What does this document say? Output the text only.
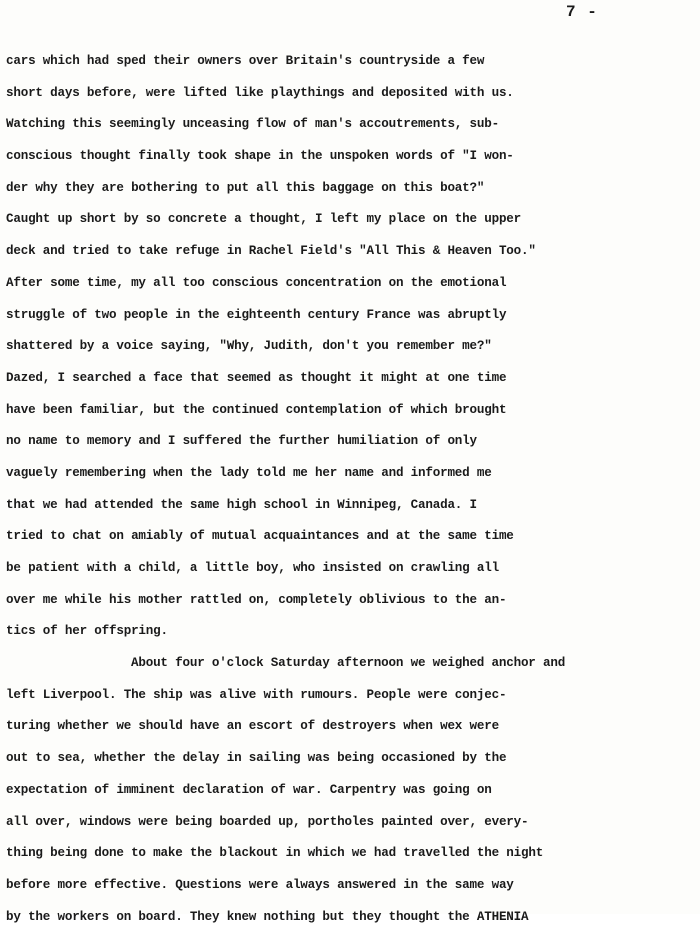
7 -
cars which had sped their owners over Britain's countryside a few
short days before, were lifted like playthings and deposited with us.
Watching this seemingly unceasing flow of man's accoutrements, sub-
conscious thought finally took shape in the unspoken words of "I won-
der why they are bothering to put all this baggage on this boat?"
Caught up short by so concrete a thought, I left my place on the upper
deck and tried to take refuge in Rachel Field's "All This & Heaven Too."
After some time, my all too conscious concentration on the emotional
struggle of two people in the eighteenth century France was abruptly
shattered by a voice saying, "Why, Judith, don't you remember me?"
Dazed, I searched a face that seemed as thought it might at one time
have been familiar, but the continued contemplation of which brought
no name to memory and I suffered the further humiliation of only
vaguely remembering when the lady told me her name and informed me
that we had attended the same high school in Winnipeg, Canada. I
tried to chat on amiably of mutual acquaintances and at the same time
be patient with a child, a little boy, who insisted on crawling all
over me while his mother rattled on, completely oblivious to the an-
tics of her offspring.
About four o'clock Saturday afternoon we weighed anchor and
left Liverpool. The ship was alive with rumours. People were conjec-
turing whether we should have an escort of destroyers when wex were
out to sea, whether the delay in sailing was being occasioned by the
expectation of imminent declaration of war. Carpentry was going on
all over, windows were being boarded up, portholes painted over, every-
thing being done to make the blackout in which we had travelled the night
before more effective. Questions were always answered in the same way
by the workers on board. They knew nothing but they thought the ATHENIA
